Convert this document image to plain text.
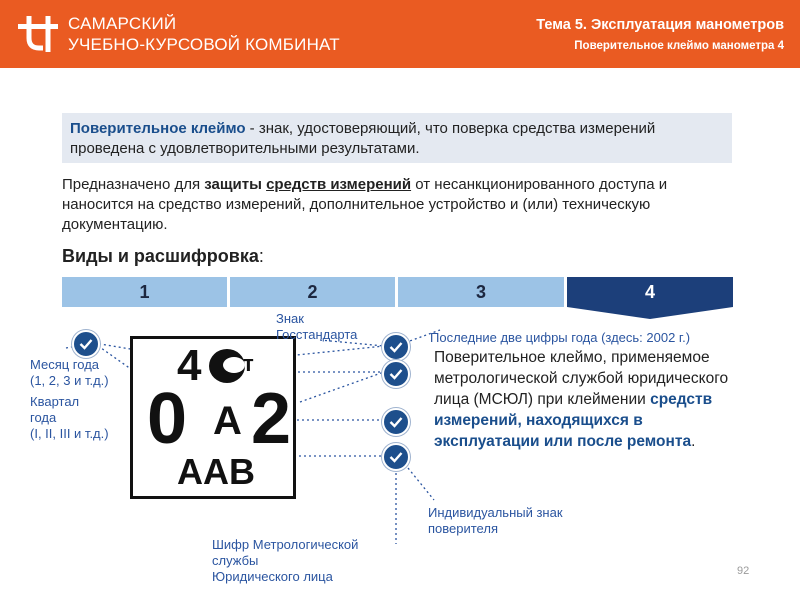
САМАРСКИЙ
УЧЕБНО-КУРСОВОЙ КОМБИНАТ
Тема 5. Эксплуатация манометров
Поверительное клеймо манометра 4
Поверительное клеймо - знак, удостоверяющий, что поверка средства измерений проведена с удовлетворительными результатами.
Предназначено для защиты средств измерений от несанкционированного доступа и наносится на средство измерений, дополнительное устройство и (или) техническую документацию.
Виды и расшифровка:
1	2	3	4
4 т
0 А 2
ААВ
Месяц года
(1, 2, 3 и т.д.)
Квартал
года
(I, II, III и т.д.)
Знак
Госстандарта	Последние две цифры года (здесь: 2002 г.)
Индивидуальный знак
поверителя
Шифр Метрологической
службы
Юридического лица
Поверительное клеймо, применяемое метрологической службой юридического лица (МСЮЛ) при клеймении средств измерений, находящихся в эксплуатации или после ремонта.
92
